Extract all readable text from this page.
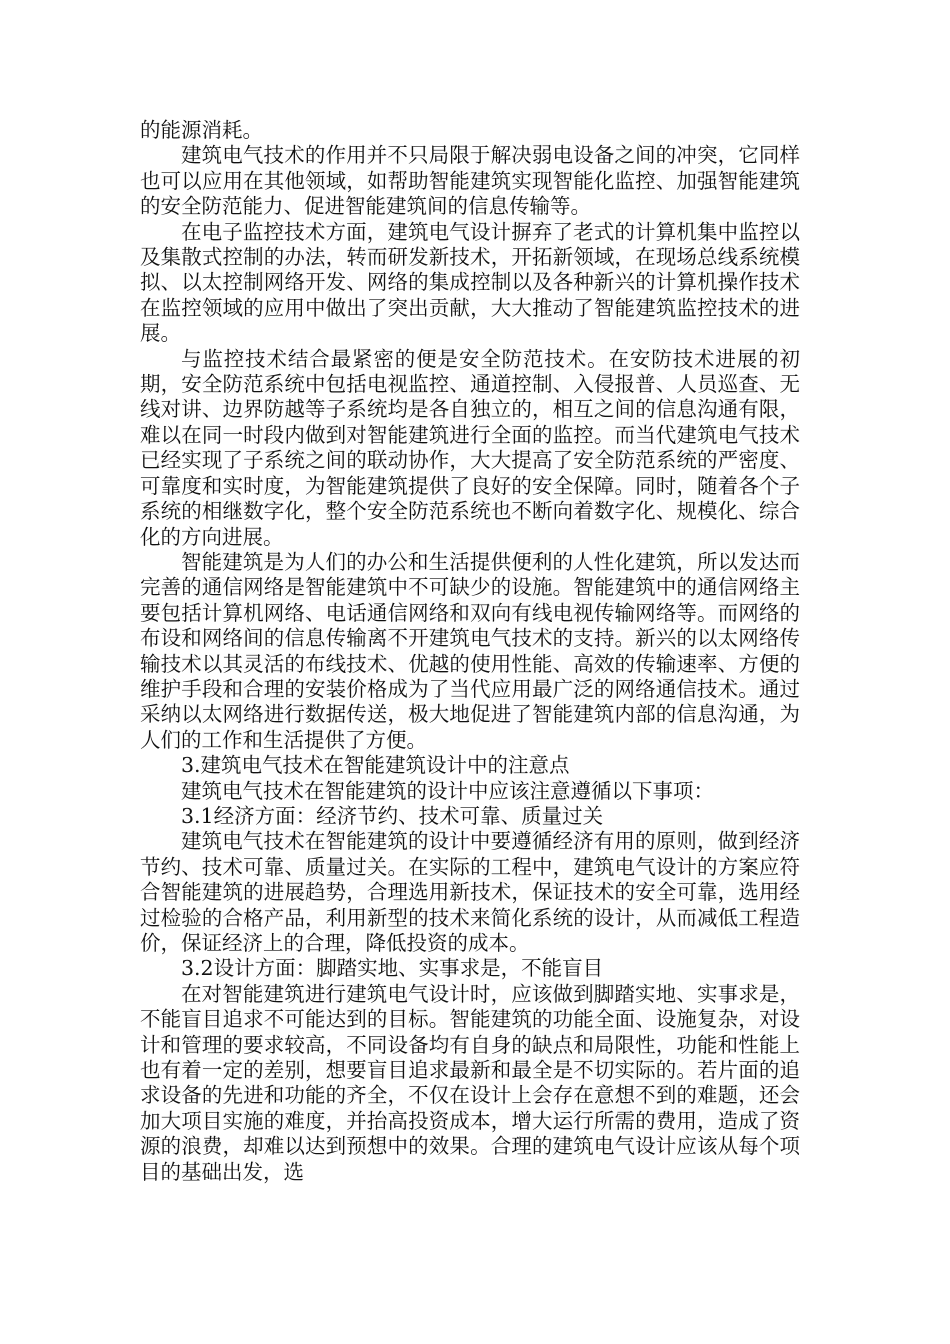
的能源消耗。

建筑电气技术的作用并不只局限于解决弱电设备之间的冲突，它同样也可以应用在其他领域，如帮助智能建筑实现智能化监控、加强智能建筑的安全防范能力、促进智能建筑间的信息传输等。

在电子监控技术方面，建筑电气设计摒弃了老式的计算机集中监控以及集散式控制的办法，转而研发新技术，开拓新领域，在现场总线系统模拟、以太控制网络开发、网络的集成控制以及各种新兴的计算机操作技术在监控领域的应用中做出了突出贡献，大大推动了智能建筑监控技术的进展。

与监控技术结合最紧密的便是安全防范技术。在安防技术进展的初期，安全防范系统中包括电视监控、通道控制、入侵报普、人员巡查、无线对讲、边界防越等子系统均是各自独立的，相互之间的信息沟通有限，难以在同一时段内做到对智能建筑进行全面的监控。而当代建筑电气技术已经实现了子系统之间的联动协作，大大提高了安全防范系统的严密度、可靠度和实时度，为智能建筑提供了良好的安全保障。同时，随着各个子系统的相继数字化，整个安全防范系统也不断向着数字化、规模化、综合化的方向进展。

智能建筑是为人们的办公和生活提供便利的人性化建筑，所以发达而完善的通信网络是智能建筑中不可缺少的设施。智能建筑中的通信网络主要包括计算机网络、电话通信网络和双向有线电视传输网络等。而网络的布设和网络间的信息传输离不开建筑电气技术的支持。新兴的以太网络传输技术以其灵活的布线技术、优越的使用性能、高效的传输速率、方便的维护手段和合理的安装价格成为了当代应用最广泛的网络通信技术。通过采纳以太网络进行数据传送，极大地促进了智能建筑内部的信息沟通，为人们的工作和生活提供了方便。

3.建筑电气技术在智能建筑设计中的注意点

建筑电气技术在智能建筑的设计中应该注意遵循以下事项：

3.1经济方面：经济节约、技术可靠、质量过关

建筑电气技术在智能建筑的设计中要遵循经济有用的原则，做到经济节约、技术可靠、质量过关。在实际的工程中，建筑电气设计的方案应符合智能建筑的进展趋势，合理选用新技术，保证技术的安全可靠，选用经过检验的合格产品，利用新型的技术来简化系统的设计，从而减低工程造价，保证经济上的合理，降低投资的成本。

3.2设计方面：脚踏实地、实事求是，不能盲目

在对智能建筑进行建筑电气设计时，应该做到脚踏实地、实事求是，不能盲目追求不可能达到的目标。智能建筑的功能全面、设施复杂，对设计和管理的要求较高，不同设备均有自身的缺点和局限性，功能和性能上也有着一定的差别，想要盲目追求最新和最全是不切实际的。若片面的追求设备的先进和功能的齐全，不仅在设计上会存在意想不到的难题，还会加大项目实施的难度，并抬高投资成本，增大运行所需的费用，造成了资源的浪费，却难以达到预想中的效果。合理的建筑电气设计应该从每个项目的基础出发，选
